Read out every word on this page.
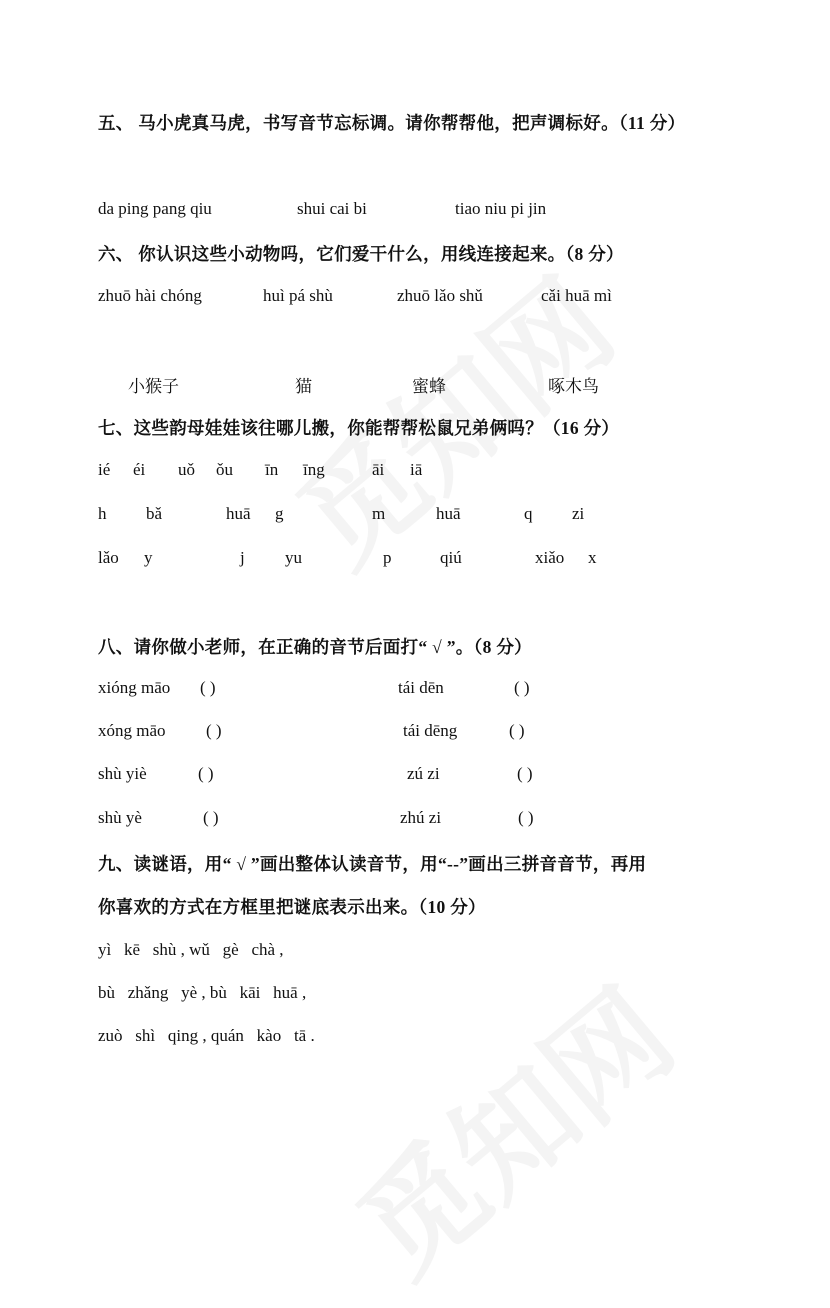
五、 马小虎真马虎，书写音节忘标调。请你帮帮他，把声调标好。（11 分）
da ping pang qiu	shui cai bi	tiao niu pi jin
六、 你认识这些小动物吗，它们爱干什么，用线连接起来。（8 分）
zhuō hài chóng	huì pá shù	zhuō lǎo shǔ	cǎi huā mì
小猴子	猫	蜜蜂	啄木鸟
七、这些韵母娃娃该往哪儿搬，你能帮帮松鼠兄弟俩吗？（16 分）
ié éi uǒ ǒu īn īng	āi iā
h bǎ	huā g	m	huā	q zi
lǎo y	j yu	p	qiú	xiǎo x
八、请你做小老师，在正确的音节后面打“ √ ”。（8 分）
xióng māo ( )	tái dēn	( )
xóng māo ( )	tái dēng	( )
shù yiè	( )	zú zi	( )
shù yè	( )	zhú zi	( )
九、读谜语，用“ √ ”画出整体认读音节，用“--”画出三拼音音节，再用
你喜欢的方式在方框里把谜底表示出来。（10 分）
yì   kē   shù , wǔ   gè   chà ,
bù   zhǎng   yè , bù   kāi   huā ,
zuò   shì   qing , quán   kào   tā .
